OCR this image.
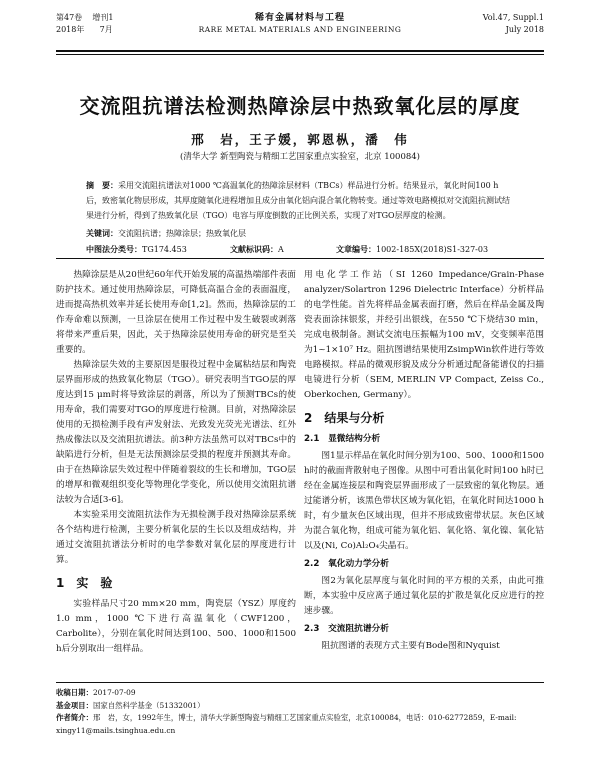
第47卷 增刊1
2018年 7月
稀有金属材料与工程
RARE METAL MATERIALS AND ENGINEERING
Vol.47, Suppl.1
July 2018
交流阻抗谱法检测热障涂层中热致氧化层的厚度
邢　岩，王子媛，郭恩枞，潘　伟
(清华大学 新型陶瓷与精细工艺国家重点实验室，北京 100084)
摘　要：采用交流阻抗谱法对1000 ℃高温氧化的热障涂层材料（TBCs）样品进行分析。结果显示，氧化时间100 h后，致密氧化物层形成，其厚度随氧化进程增加且成分由氧化铝向混合氧化物转变。通过等效电路模拟对交流阻抗测试结果进行分析，得到了热致氧化层（TGO）电容与厚度倒数的正比例关系，实现了对TGO层厚度的检测。
关键词：交流阻抗谱；热障涂层；热致氧化层
中图法分类号：TG174.453	文献标识码：A	文章编号：1002-185X(2018)S1-327-03

热障涂层是从20世纪60年代开始发展的高温热端部件表面防护技术。通过使用热障涂层，可降低高温合金的表面温度，进而提高热机效率并延长使用寿命[1,2]。然而，热障涂层的工作寿命难以预测，一旦涂层在使用工作过程中发生破裂或剥落将带来严重后果，因此，关于热障涂层使用寿命的研究是至关重要的。

热障涂层失效的主要原因是服役过程中金属粘结层和陶瓷层界面形成的热致氧化物层（TGO）。研究表明当TGO层的厚度达到15 μm时将导致涂层的剥落，所以为了预测TBCs的使用寿命，我们需要对TGO的厚度进行检测。目前，对热障涂层使用的无损检测手段有声发射法、光致发光荧光光谱法、红外热成像法以及交流阻抗谱法。前3种方法虽然可以对TBCs中的缺陷进行分析，但是无法预测涂层受损的程度并预测其寿命。由于在热障涂层失效过程中伴随着裂纹的生长和增加，TGO层的增厚和微观组织变化等物理化学变化，所以使用交流阻抗谱法较为合适[3-6]。

本实验采用交流阻抗法作为无损检测手段对热障涂层系统各个结构进行检测，主要分析氧化层的生长以及组成结构，并通过交流阻抗谱法分析时的电学参数对氧化层的厚度进行计算。

1　实　验

实验样品尺寸20 mm×20 mm，陶瓷层（YSZ）厚度约1.0 mm，1000 ℃下进行高温氧化（CWF1200，Carbolite），分别在氧化时间达到100、500、1000和1500 h后分别取出一组样品。

用电化学工作站（SI 1260 Impedance/Grain-Phase analyzer/Solartron 1296 Dielectric Interface）分析样品的电学性能。首先将样品金属表面打磨，然后在样品金属及陶瓷表面涂抹银浆，并经引出银线，在550 ℃下烧结30 min，完成电极制备。测试交流电压振幅为100 mV，交变频率范围为1~1×10⁷ Hz。阻抗图谱结果使用ZsimpWin软件进行等效电路模拟。样品的微观形貌及成分分析通过配备能谱仪的扫描电镜进行分析（SEM, MERLIN VP Compact, Zeiss Co., Oberkochen, Germany）。

2　结果与分析
2.1　显微结构分析

图1显示样品在氧化时间分别为100、500、1000和1500 h时的截面背散射电子图像。从图中可看出氧化时间100 h时已经在金属连接层和陶瓷层界面形成了一层致密的氧化物层。通过能谱分析，该黑色带状区域为氧化铝，在氧化时间达1000 h时，有少量灰色区域出现，但并不形成致密带状层。灰色区域为混合氧化物，组成可能为氧化铝、氧化铬、氧化镍、氧化钴以及(Ni, Co)Al₂O₄尖晶石。

2.2　氧化动力学分析

图2为氧化层厚度与氧化时间的平方根的关系，由此可推断，本实验中反应离子通过氧化层的扩散是氧化反应进行的控速步骤。

2.3　交流阻抗谱分析

阻抗图谱的表现方式主要有Bode图和Nyquist

收稿日期：2017-07-09
基金项目：国家自然科学基金（51332001）
作者简介：邢　岩，女，1992年生，博士，清华大学新型陶瓷与精细工艺国家重点实验室，北京100084，电话：010-62772859，E-mail: xingy11@mails.tsinghua.edu.cn
